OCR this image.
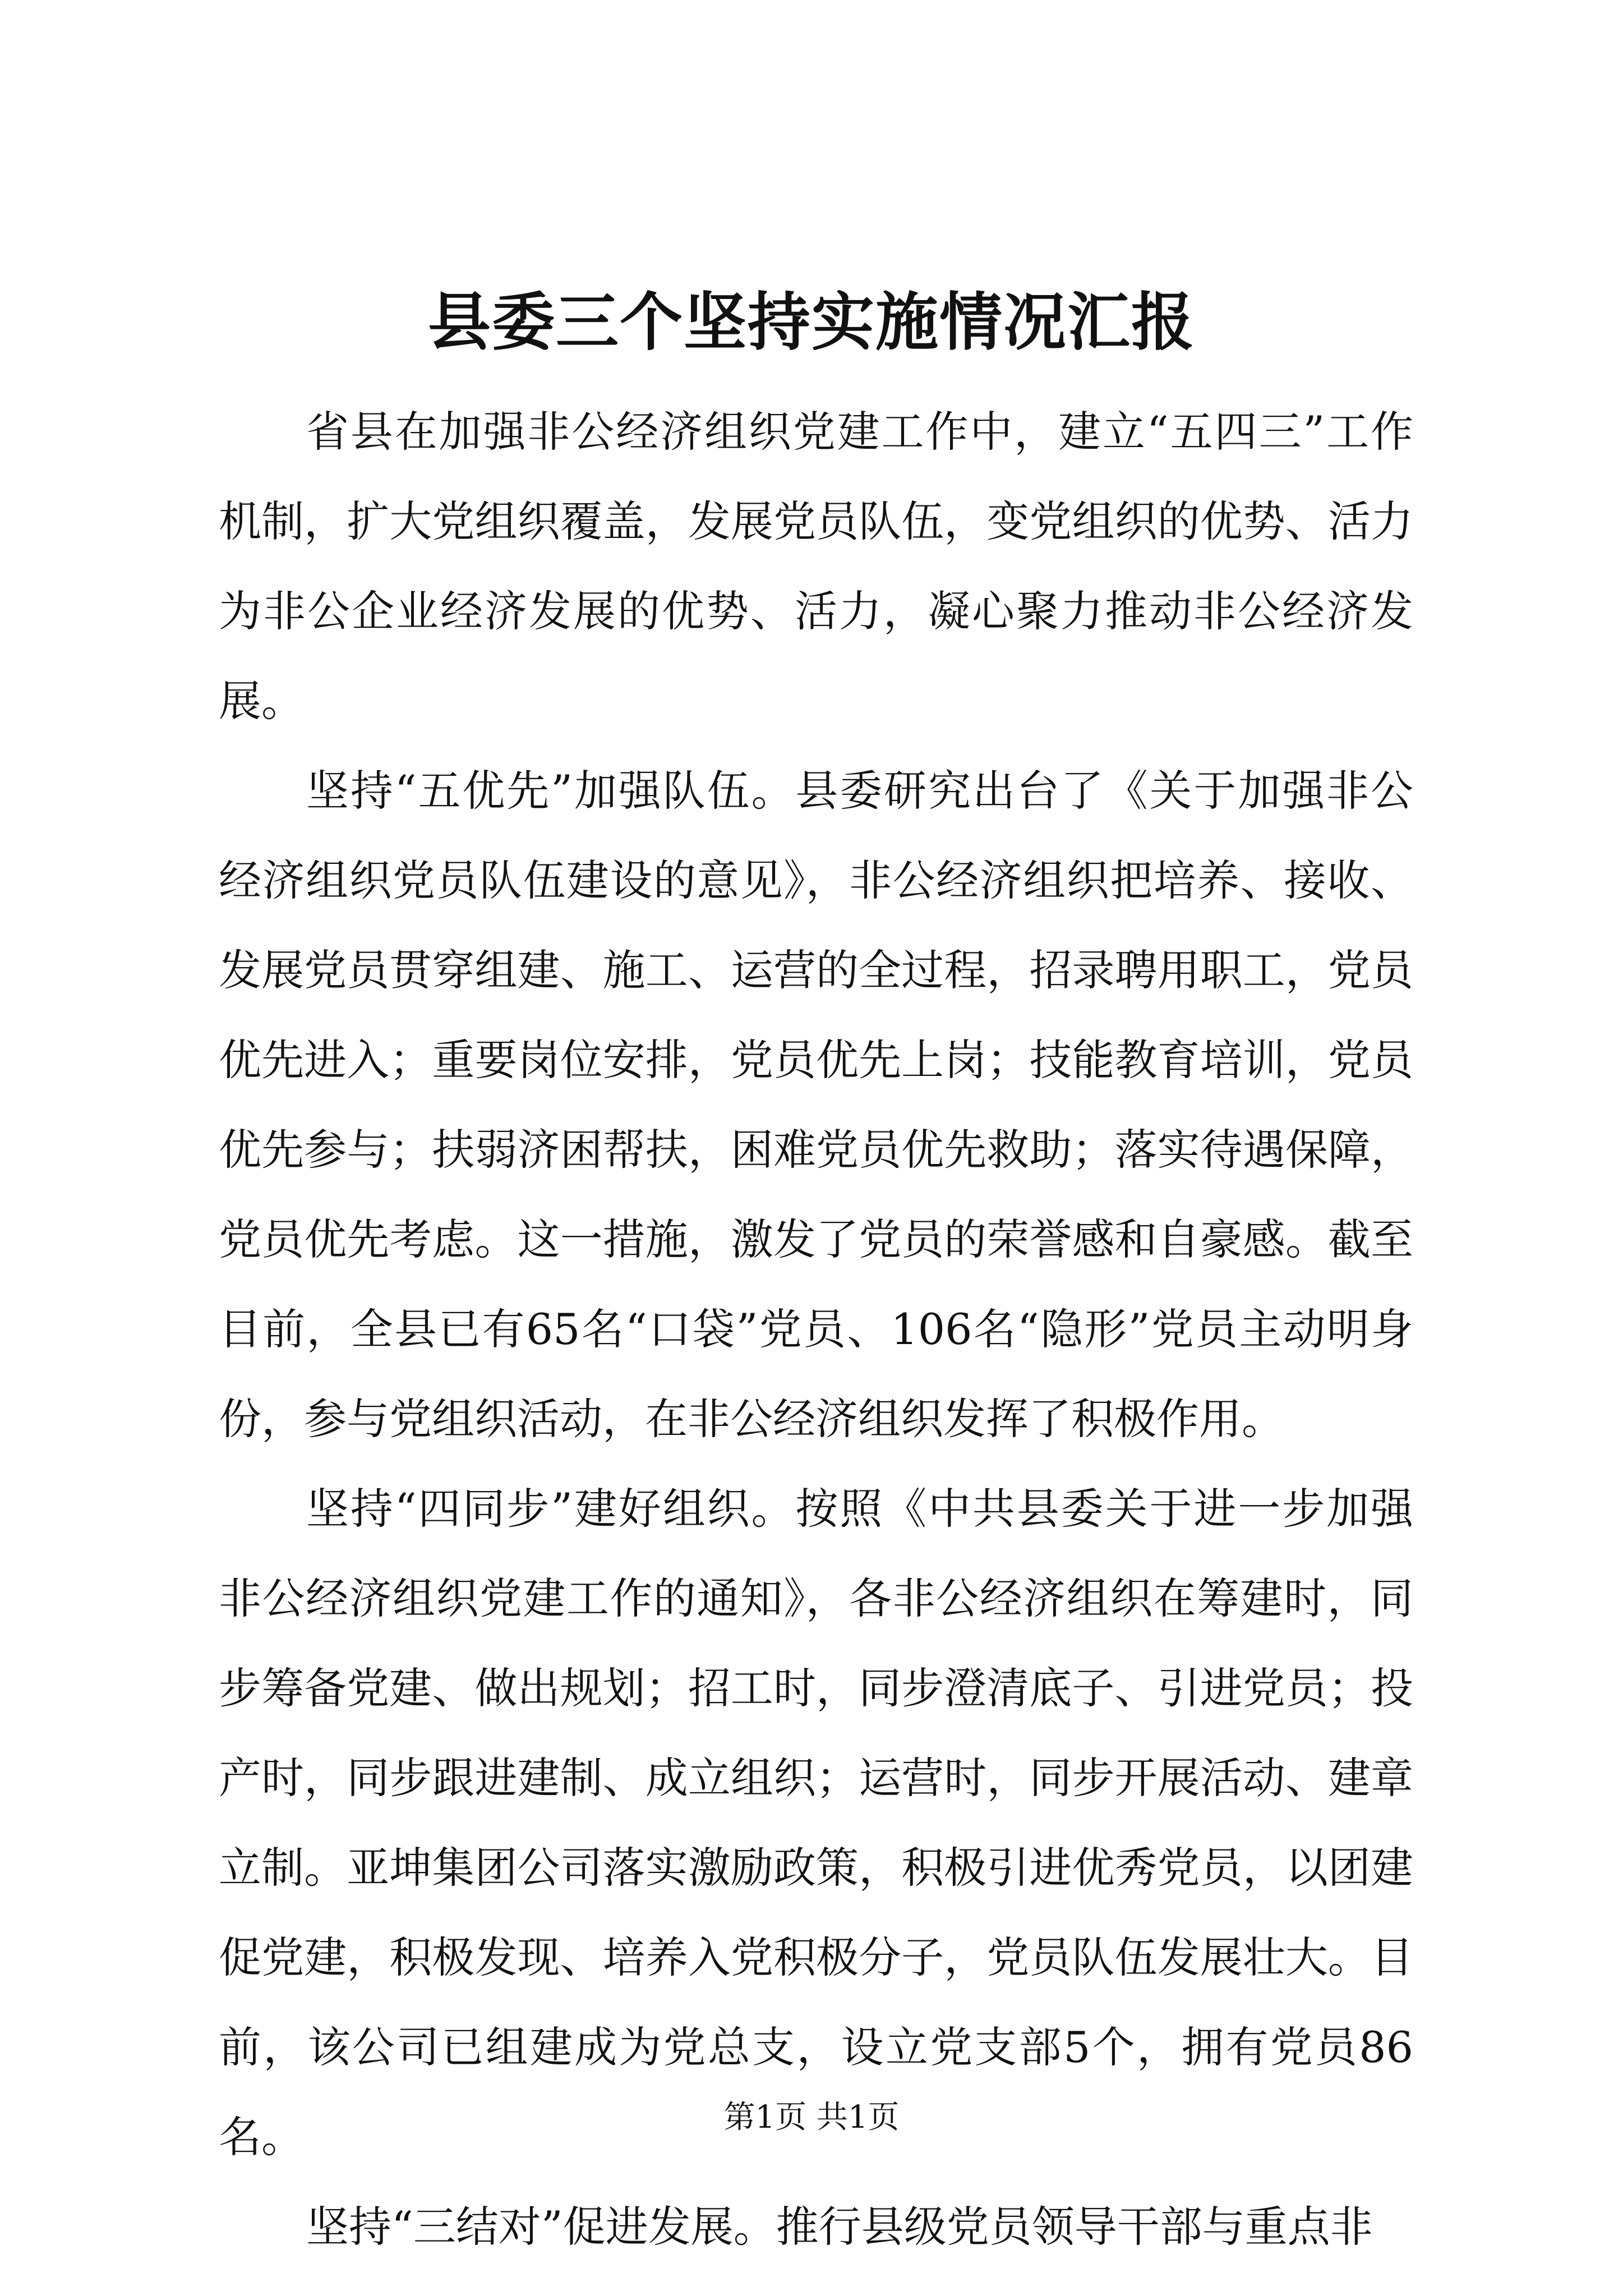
县委三个坚持实施情况汇报

省县在加强非公经济组织党建工作中，建立“五四三”工作机制，扩大党组织覆盖，发展党员队伍，变党组织的优势、活力为非公企业经济发展的优势、活力，凝心聚力推动非公经济发展。

坚持“五优先”加强队伍。县委研究出台了《关于加强非公经济组织党员队伍建设的意见》，非公经济组织把培养、接收、发展党员贯穿组建、施工、运营的全过程，招录聘用职工，党员优先进入；重要岗位安排，党员优先上岗；技能教育培训，党员优先参与；扶弱济困帮扶，困难党员优先救助；落实待遇保障，党员优先考虑。这一措施，激发了党员的荣誉感和自豪感。截至目前，全县已有65名“口袋”党员、106名“隐形”党员主动明身份，参与党组织活动，在非公经济组织发挥了积极作用。

坚持“四同步”建好组织。按照《中共县委关于进一步加强非公经济组织党建工作的通知》，各非公经济组织在筹建时，同步筹备党建、做出规划；招工时，同步澄清底子、引进党员；投产时，同步跟进建制、成立组织；运营时，同步开展活动、建章立制。亚坤集团公司落实激励政策，积极引进优秀党员，以团建促党建，积极发现、培养入党积极分子，党员队伍发展壮大。目前，该公司已组建成为党总支，设立党支部5个，拥有党员86名。

坚持“三结对”促进发展。推行县级党员领导干部与重点非

第1页 共1页
